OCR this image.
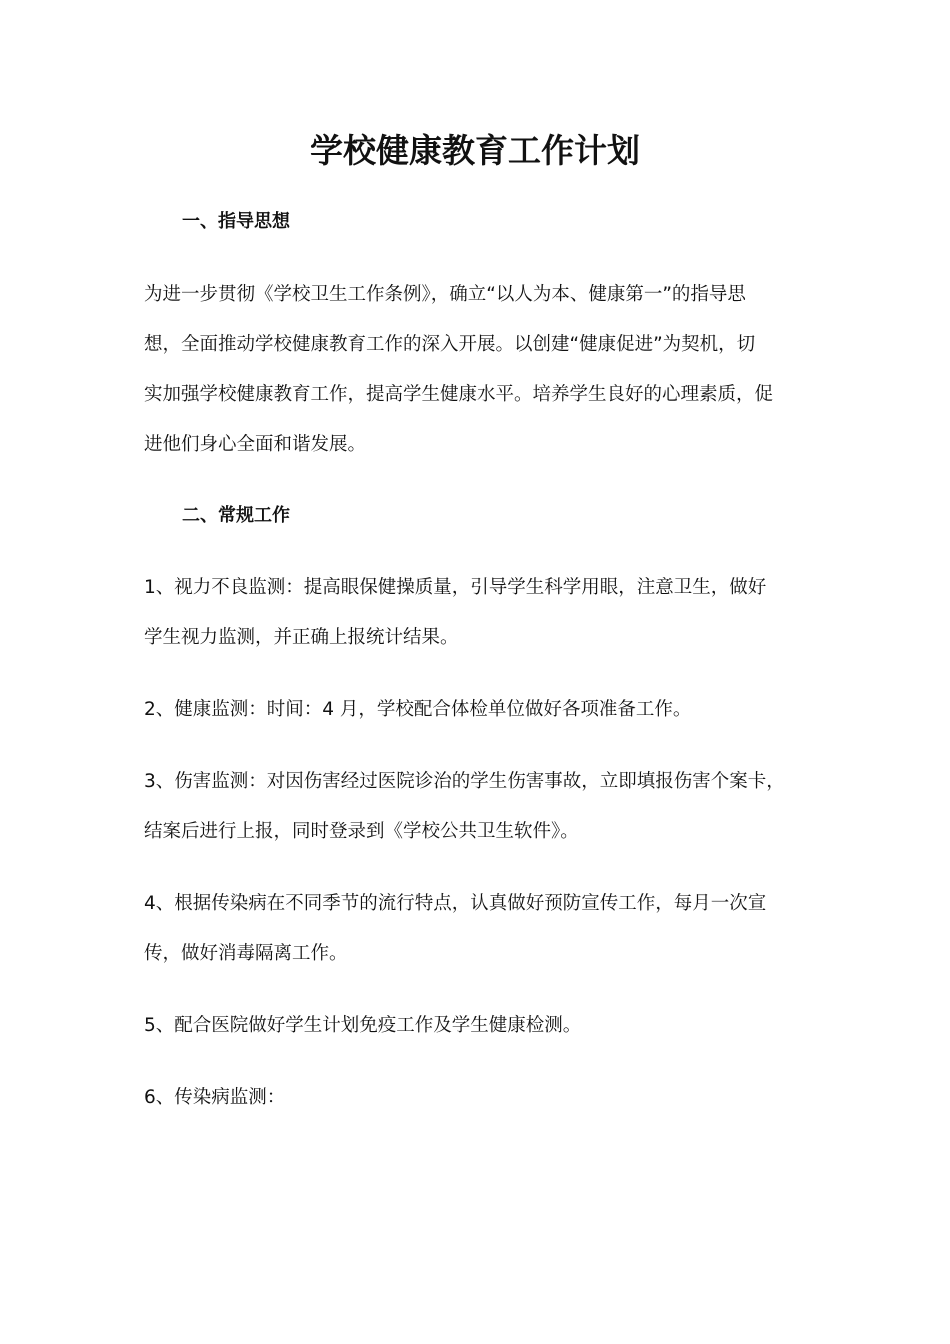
学校健康教育工作计划
一、指导思想

为进一步贯彻《学校卫生工作条例》，确立“以人为本、健康第一”的指导思
想，全面推动学校健康教育工作的深入开展。以创建“健康促进”为契机，切
实加强学校健康教育工作，提高学生健康水平。培养学生良好的心理素质，促
进他们身心全面和谐发展。

二、常规工作

1、视力不良监测：提高眼保健操质量，引导学生科学用眼，注意卫生，做好
学生视力监测，并正确上报统计结果。

2、健康监测：时间：4 月，学校配合体检单位做好各项准备工作。

3、伤害监测：对因伤害经过医院诊治的学生伤害事故，立即填报伤害个案卡，
结案后进行上报，同时登录到《学校公共卫生软件》。

4、根据传染病在不同季节的流行特点，认真做好预防宣传工作，每月一次宣
传，做好消毒隔离工作。

5、配合医院做好学生计划免疫工作及学生健康检测。

6、传染病监测：
